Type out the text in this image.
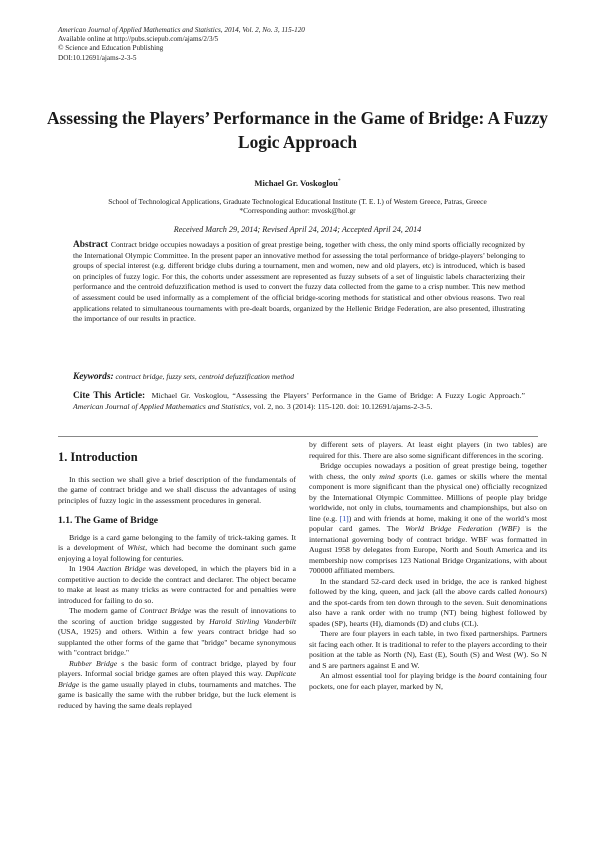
American Journal of Applied Mathematics and Statistics, 2014, Vol. 2, No. 3, 115-120
Available online at http://pubs.sciepub.com/ajams/2/3/5
© Science and Education Publishing
DOI:10.12691/ajams-2-3-5
Assessing the Players’ Performance in the Game of Bridge: A Fuzzy Logic Approach
Michael Gr. Voskoglou*
School of Technological Applications, Graduate Technological Educational Institute (T. E. I.) of Western Greece, Patras, Greece
*Corresponding author: mvosk@hol.gr
Received March 29, 2014; Revised April 24, 2014; Accepted April 24, 2014
Abstract Contract bridge occupies nowadays a position of great prestige being, together with chess, the only mind sports officially recognized by the International Olympic Committee. In the present paper an innovative method for assessing the total performance of bridge-players’ belonging to groups of special interest (e.g. different bridge clubs during a tournament, men and women, new and old players, etc) is introduced, which is based on principles of fuzzy logic. For this, the cohorts under assessment are represented as fuzzy subsets of a set of linguistic labels characterizing their performance and the centroid defuzzification method is used to convert the fuzzy data collected from the game to a crisp number. This new method of assessment could be used informally as a complement of the official bridge-scoring methods for statistical and other obvious reasons. Two real applications related to simultaneous tournaments with pre-dealt boards, organized by the Hellenic Bridge Federation, are also presented, illustrating the importance of our results in practice.
Keywords: contract bridge, fuzzy sets, centroid defuzzification method
Cite This Article: Michael Gr. Voskoglou, “Assessing the Players’ Performance in the Game of Bridge: A Fuzzy Logic Approach.” American Journal of Applied Mathematics and Statistics, vol. 2, no. 3 (2014): 115-120. doi: 10.12691/ajams-2-3-5.
1. Introduction

In this section we shall give a brief description of the fundamentals of the game of contract bridge and we shall discuss the advantages of using principles of fuzzy logic in the assessment procedures in general.

1.1. The Game of Bridge

Bridge is a card game belonging to the family of trick-taking games. It is a development of Whist, which had become the dominant such game enjoying a loyal following for centuries.

In 1904 Auction Bridge was developed, in which the players bid in a competitive auction to decide the contract and declarer. The object became to make at least as many tricks as were contracted for and penalties were introduced for failing to do so.

The modern game of Contract Bridge was the result of innovations to the scoring of auction bridge suggested by Harold Stirling Vanderbilt (USA, 1925) and others. Within a few years contract bridge had so supplanted the other forms of the game that "bridge" became synonymous with "contract bridge."

Rubber Bridge s the basic form of contract bridge, played by four players. Informal social bridge games are often played this way. Duplicate Bridge is the game usually played in clubs, tournaments and matches. The game is basically the same with the rubber bridge, but the luck element is reduced by having the same deals replayed

by different sets of players. At least eight players (in two tables) are required for this. There are also some significant differences in the scoring.

Bridge occupies nowadays a position of great prestige being, together with chess, the only mind sports (i.e. games or skills where the mental component is more significant than the physical one) officially recognized by the International Olympic Committee. Millions of people play bridge worldwide, not only in clubs, tournaments and championships, but also on line (e.g. [1]) and with friends at home, making it one of the world’s most popular card games. The World Bridge Federation (WBF) is the international governing body of contract bridge. WBF was formatted in August 1958 by delegates from Europe, North and South America and its membership now comprises 123 National Bridge Organizations, with about 700000 affiliated members.

In the standard 52-card deck used in bridge, the ace is ranked highest followed by the king, queen, and jack (all the above cards called honours) and the spot-cards from ten down through to the seven. Suit denominations also have a rank order with no trump (NT) being highest followed by spades (SP), hearts (H), diamonds (D) and clubs (CL).

There are four players in each table, in two fixed partnerships. Partners sit facing each other. It is traditional to refer to the players according to their position at the table as North (N), East (E), South (S) and West (W). So N and S are partners against E and W.

An almost essential tool for playing bridge is the board containing four pockets, one for each player, marked by N,
